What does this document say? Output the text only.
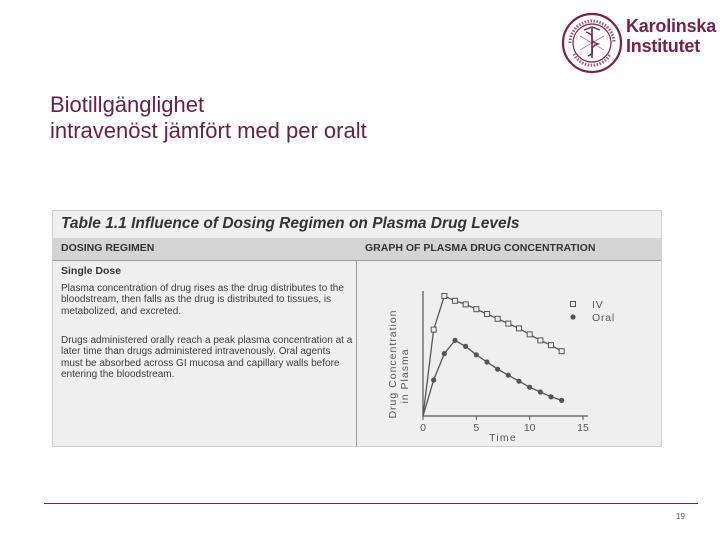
Karolinska
Institutet
Biotillgänglighet
intravenöst jämfört med per oralt
Table 1.1 Influence of Dosing Regimen on Plasma Drug Levels
DOSING REGIMEN	GRAPH OF PLASMA DRUG CONCENTRATION
Single Dose
Plasma concentration of drug rises as the drug distributes to the bloodstream, then falls as the drug is distributed to tissues, is metabolized, and excreted.
Drugs administered orally reach a peak plasma concentration at a later time than drugs administered intravenously. Oral agents must be absorbed across GI mucosa and capillary walls before entering the bloodstream.
0	5	10	15
Time
Drug Concentration in Plasma
IV
Oral
19
